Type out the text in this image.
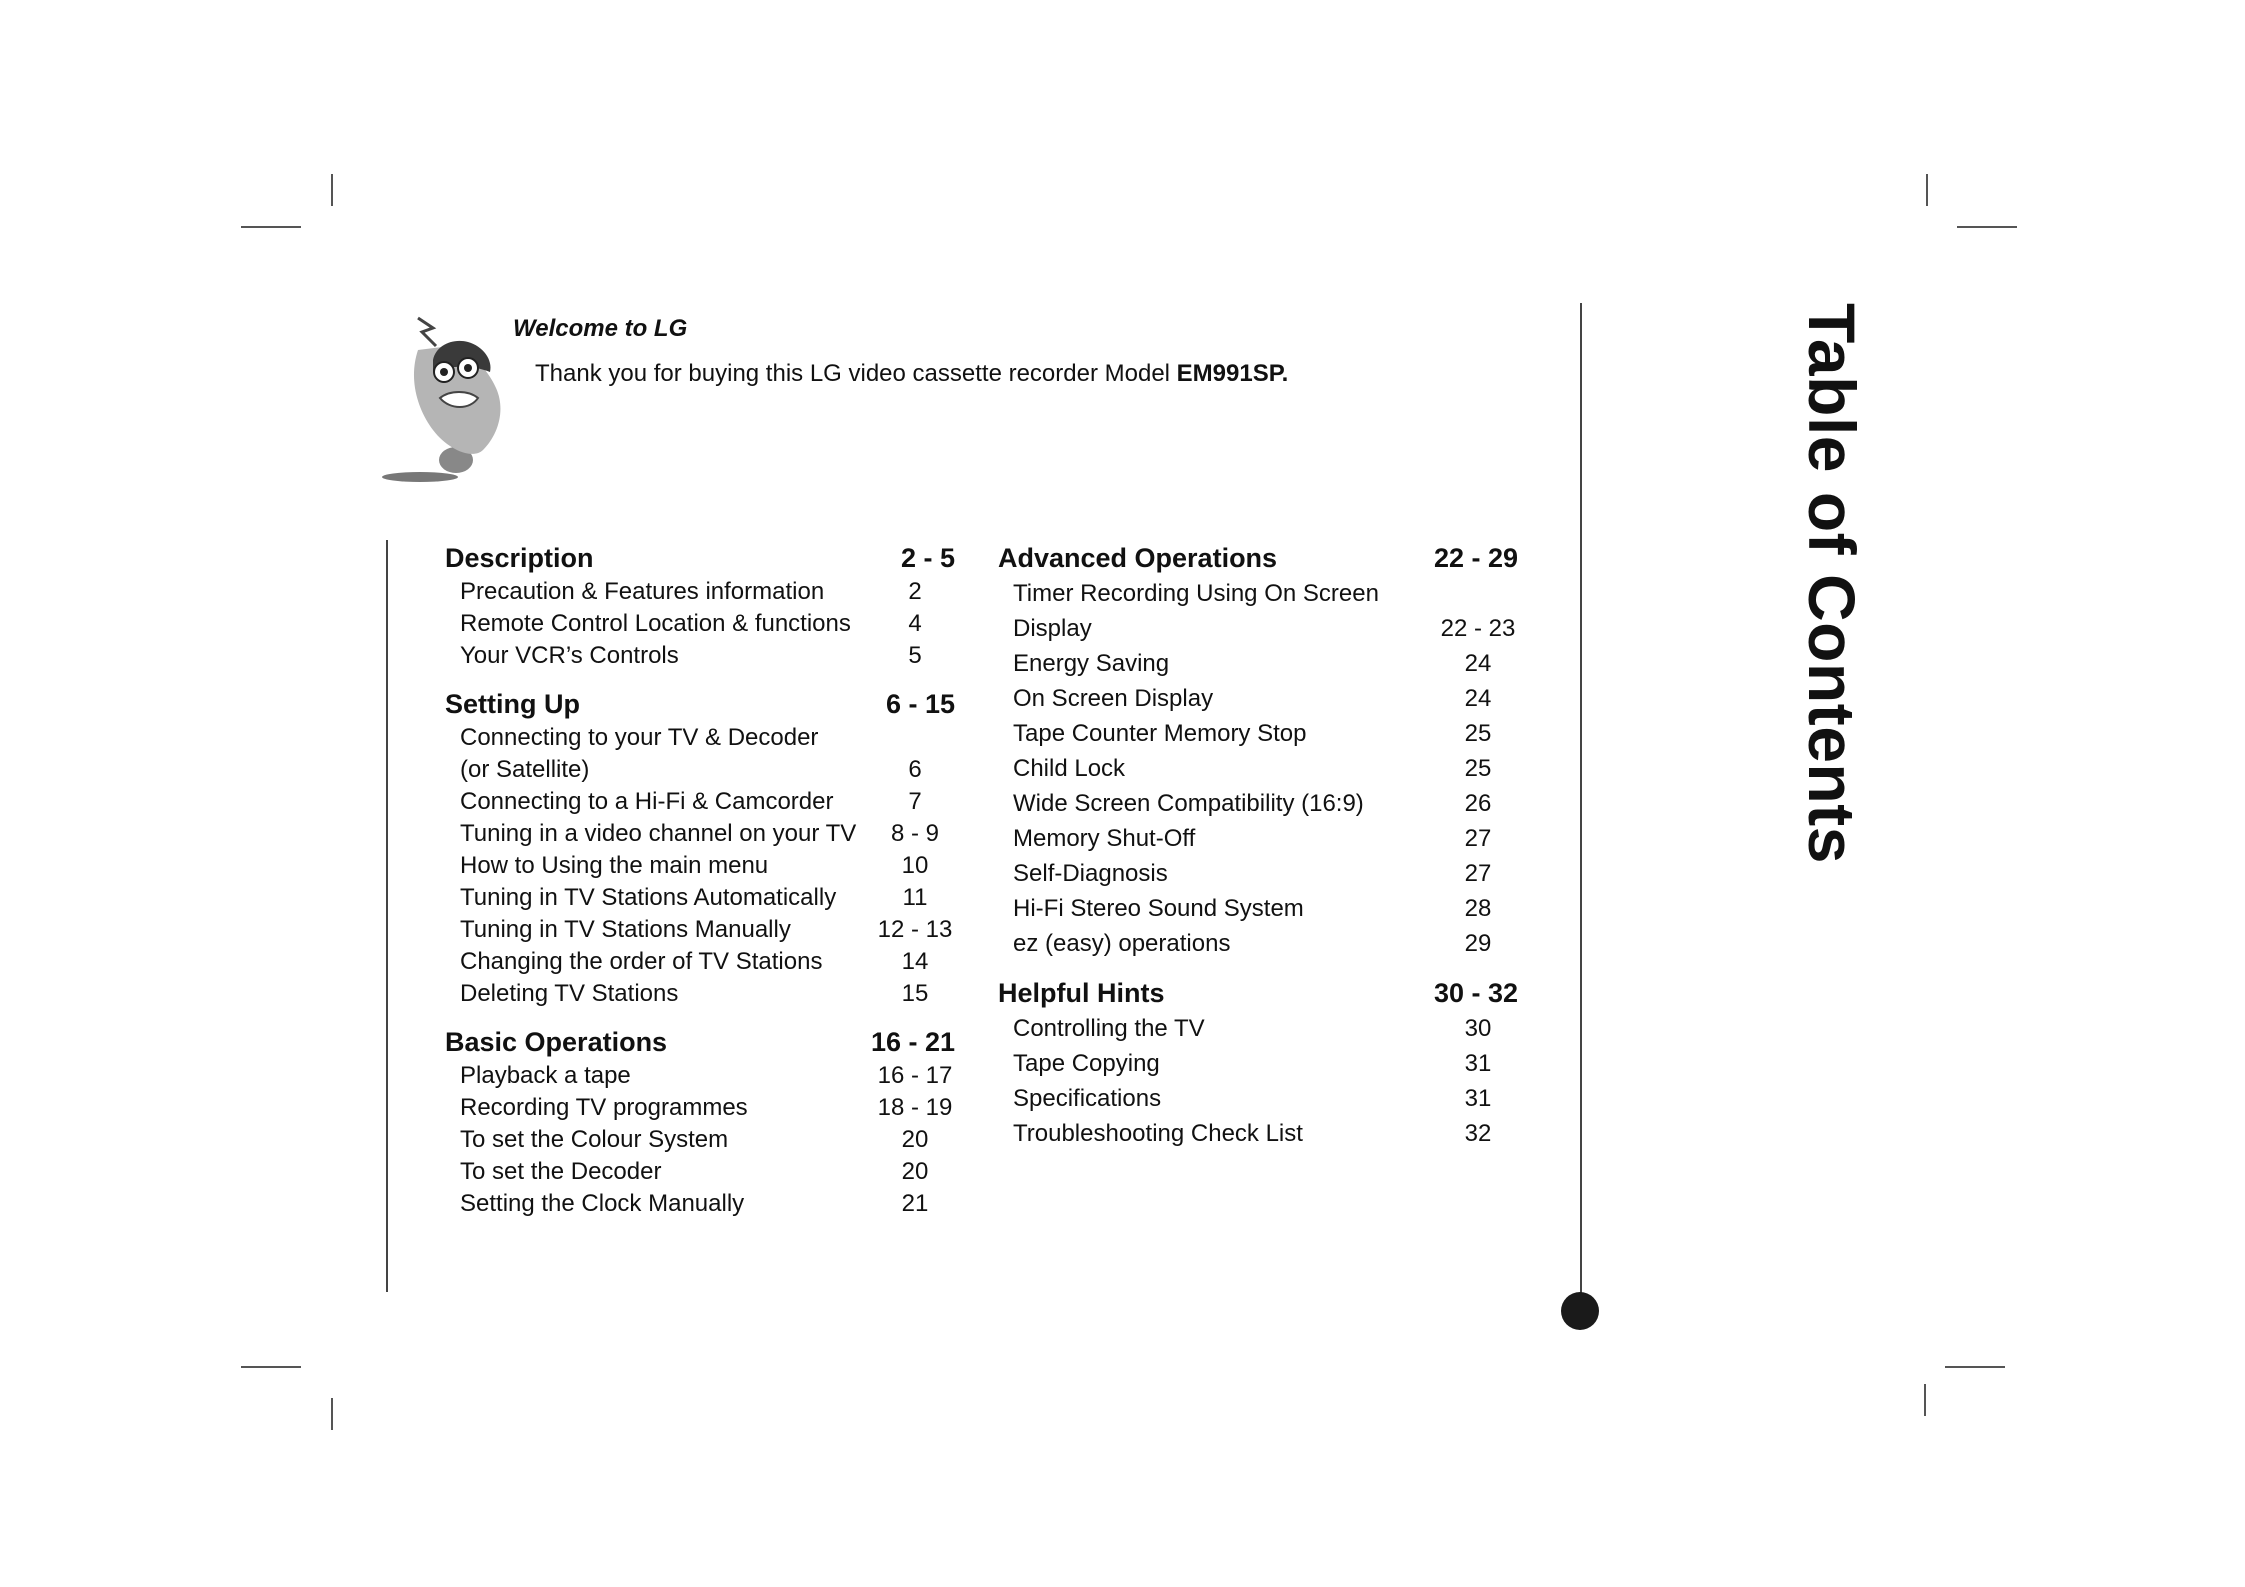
Welcome to LG
Thank you for buying this LG video cassette recorder Model EM991SP.
Description	2 - 5
Precaution & Features information	2
Remote Control Location & functions	4
Your VCR’s Controls	5
Setting Up	6 - 15
Connecting to your TV & Decoder
(or Satellite)	6
Connecting to a Hi-Fi & Camcorder	7
Tuning in a video channel on your TV	8 - 9
How to Using the main menu	10
Tuning in TV Stations Automatically	11
Tuning in TV Stations Manually	12 - 13
Changing the order of TV Stations	14
Deleting TV Stations	15
Basic Operations	16 - 21
Playback a tape	16 - 17
Recording TV programmes	18 - 19
To set the Colour System	20
To set the Decoder	20
Setting the Clock Manually	21
Advanced Operations	22 - 29
Timer Recording Using On Screen
Display	22 - 23
Energy Saving	24
On Screen Display	24
Tape Counter Memory Stop	25
Child Lock	25
Wide Screen Compatibility (16:9)	26
Memory Shut-Off	27
Self-Diagnosis	27
Hi-Fi Stereo Sound System	28
ez (easy) operations	29
Helpful Hints	30 - 32
Controlling the TV	30
Tape Copying	31
Specifications	31
Troubleshooting Check List	32
Table of Contents
